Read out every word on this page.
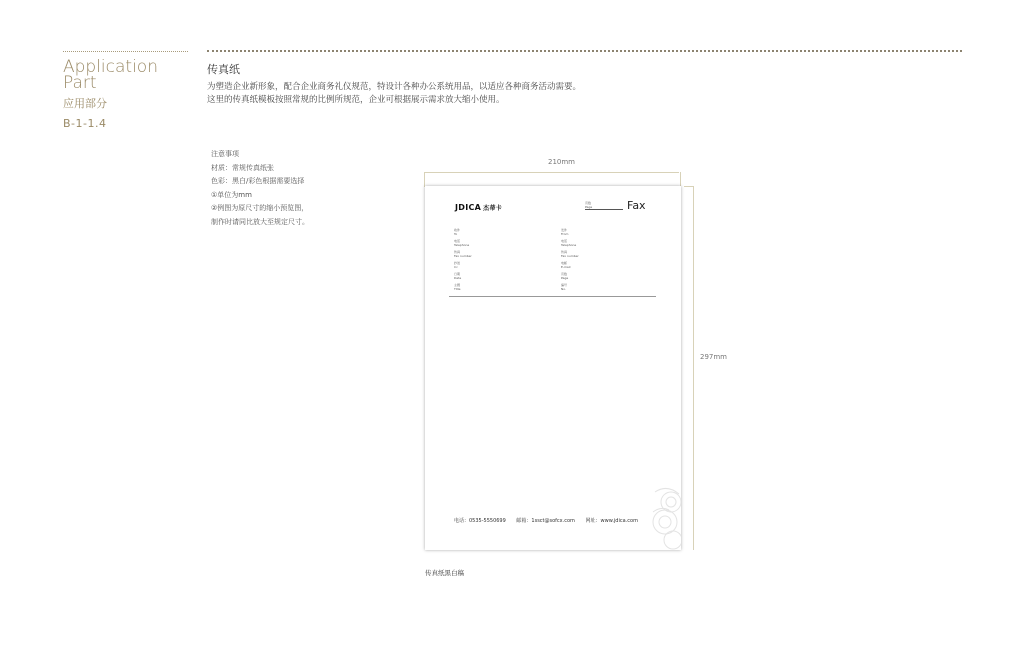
Application
Part
应用部分
B-1-1.4
传真纸
为塑造企业新形象，配合企业商务礼仪规范，特设计各种办公系统用品，以适应各种商务活动需要。
这里的传真纸模板按照常规的比例所规范，企业可根据展示需求放大缩小使用。
注意事项
材质：常规传真纸张
色彩：黑白/彩色根据需要选择
①单位为mm
②例图为原尺寸的缩小预览图，
制作时请同比放大至规定尺寸。
210mm
297mm
JDICA 杰蒂卡
页数
Page	Fax
收件
To
电话
Telephone
传真
Fax number
抄送
Cc
日期
Date
主题
Title
发件
From
电话
Telephone
传真
Fax number
电邮
E-mail
页数
Page
编号
No.
电话：0535-5550699 邮箱：1ssct@sofcx.com 网址：www.jdica.com
传真纸黑白稿
